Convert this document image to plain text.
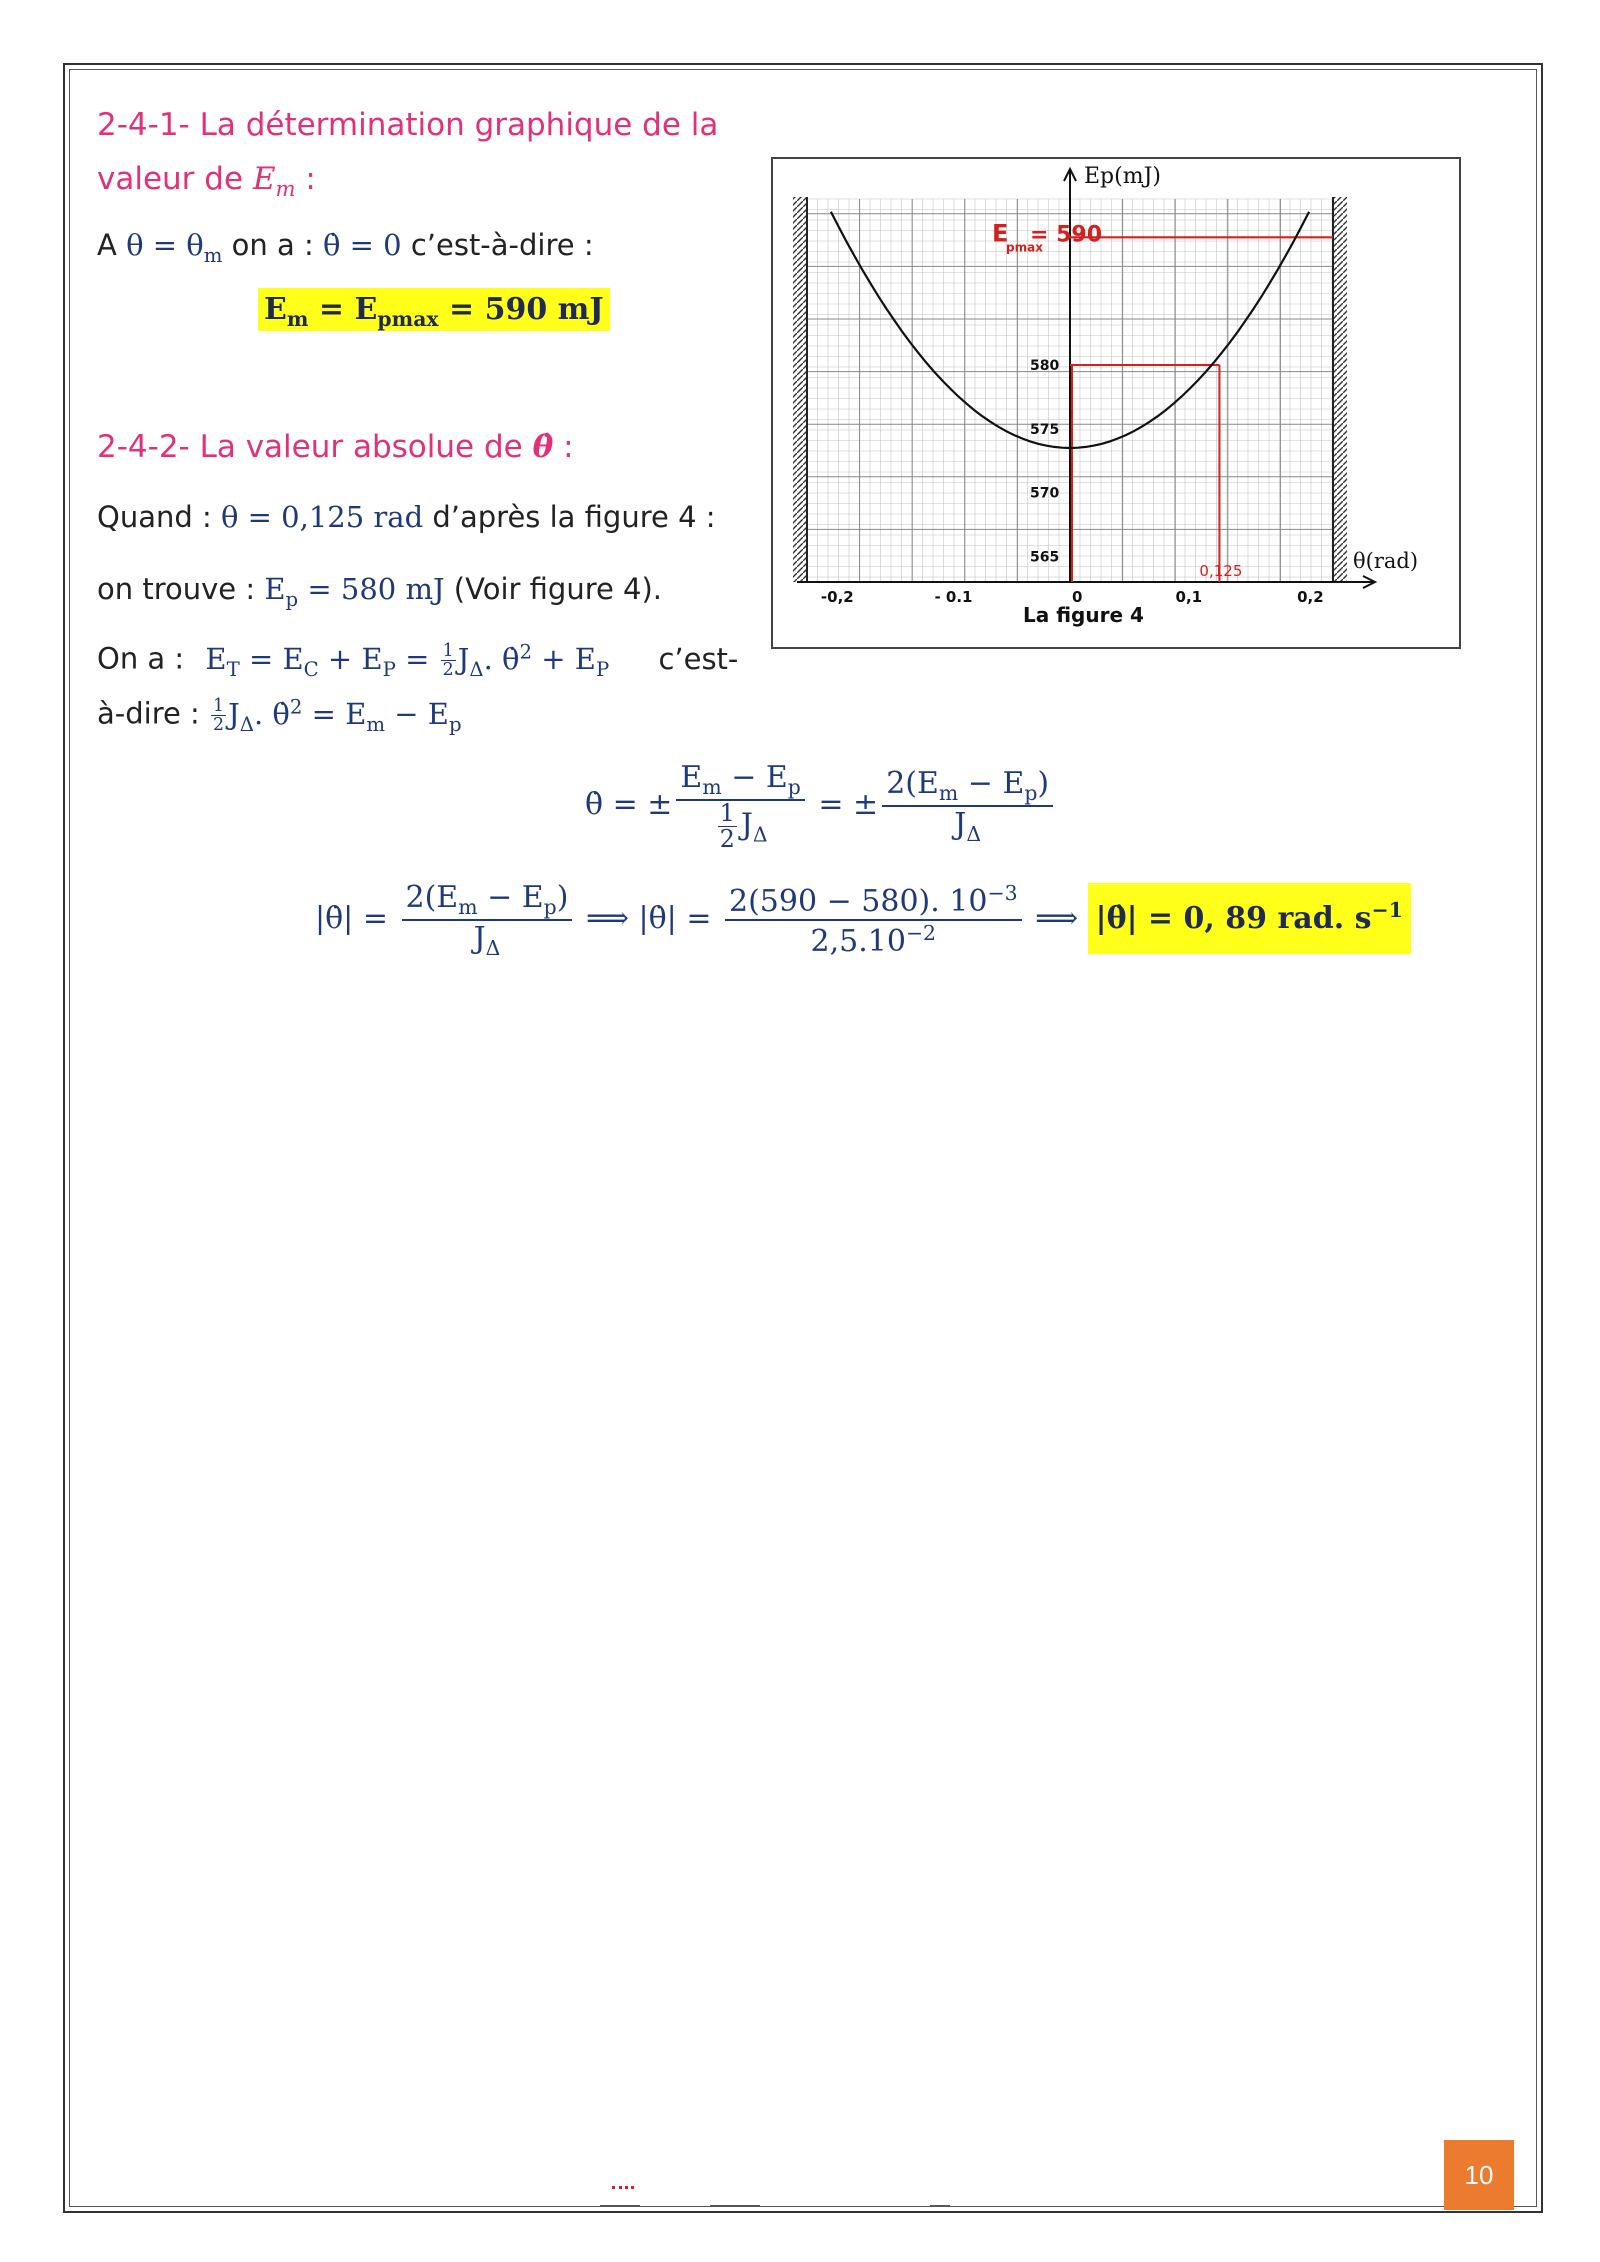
2-4-1- La détermination graphique de la
valeur de $E_m$ :
A $\theta = \theta_m$ on a : θ̇ = 0 c’est-à-dire :
$E_m = E_{pmax} = 590$ mJ
2-4-2- La valeur absolue de θ̇ :
Quand : θ = 0,125 rad d’après la figure 4 :
on trouve : $E_p = 580$ mJ (Voir figure 4).
On a : $E_T = E_C + E_P = \frac{1}{2} J_\Delta$. θ̇$^2$ + $E_P$ c’est-
à-dire : $\frac{1}{2} J_\Delta$. θ̇$^2$ = $E_m - E_p$
θ̇ = ± $\frac{E_m - E_p}{\frac{1}{2} J_\Delta}$ = ± $\frac{2(E_m - E_p)}{J_\Delta}$
|θ̇| = $\frac{2(E_m - E_p)}{J_\Delta}$ ⟹ |θ̇| = $\frac{2(590 - 580). 10^{-3}}{2,5.10^{-2}}$ ⟹ |θ̇| = 0, 89 rad. $s^{-1}$
Ep(mJ)
θ(rad)
E
pmax
= 590
580
575
570
565
-0,2	- 0.1	0	0,1	0,2
0,125
La figure 4
10
